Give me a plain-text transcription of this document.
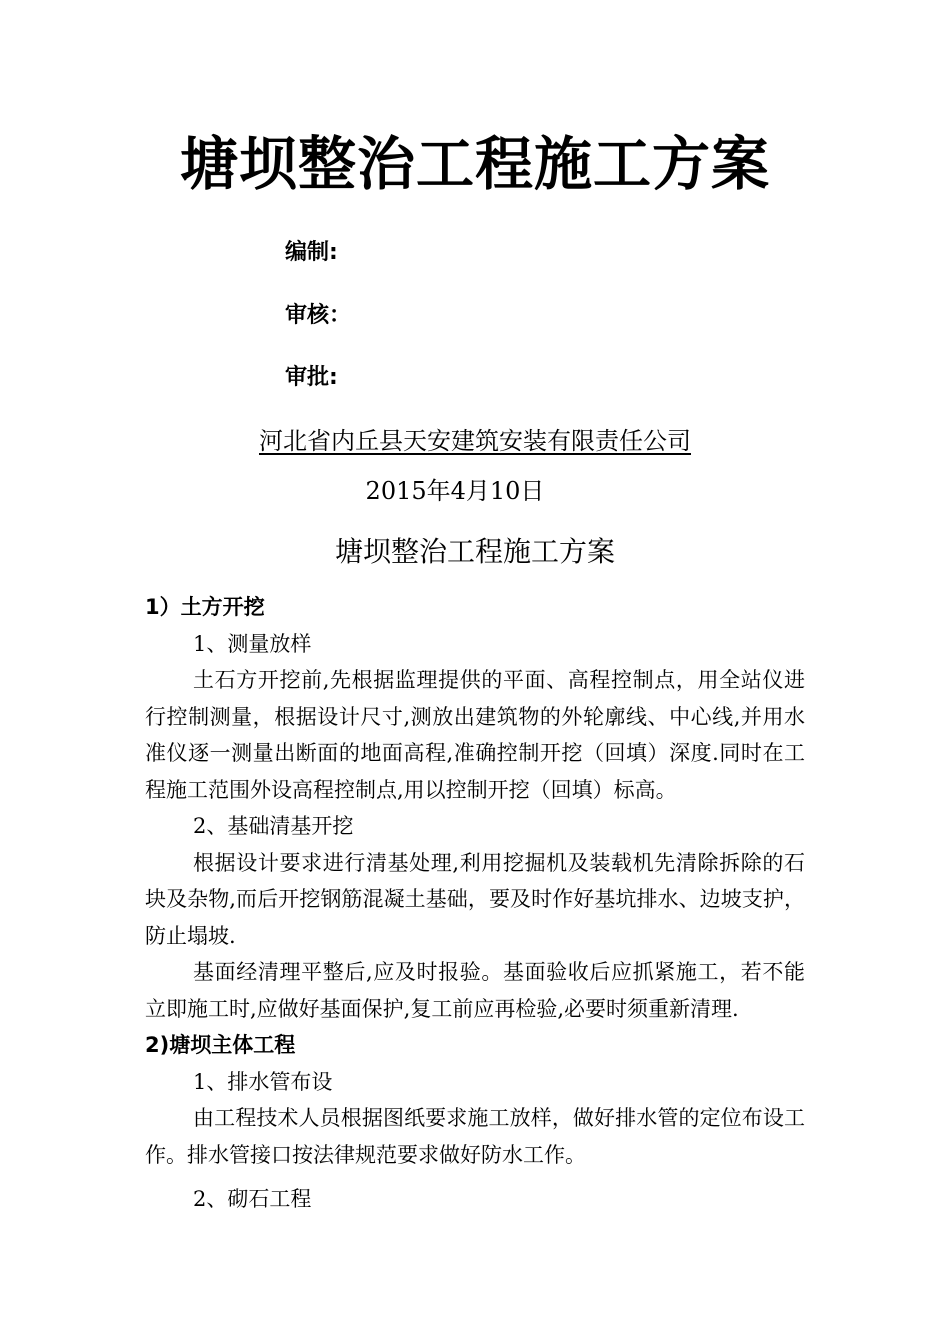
塘坝整治工程施工方案
编制:
审核：
审批:
河北省内丘县天安建筑安装有限责任公司
2015年4月10日
塘坝整治工程施工方案

1）土方开挖

1、测量放样

土石方开挖前,先根据监理提供的平面、高程控制点，用全站仪进行控制测量，根据设计尺寸,测放出建筑物的外轮廓线、中心线,并用水准仪逐一测量出断面的地面高程,准确控制开挖（回填）深度.同时在工程施工范围外设高程控制点,用以控制开挖（回填）标高。

2、基础清基开挖

根据设计要求进行清基处理,利用挖掘机及装载机先清除拆除的石块及杂物,而后开挖钢筋混凝土基础，要及时作好基坑排水、边坡支护，防止塌坡.

基面经清理平整后,应及时报验。基面验收后应抓紧施工，若不能立即施工时,应做好基面保护,复工前应再检验,必要时须重新清理.

2)塘坝主体工程

1、排水管布设

由工程技术人员根据图纸要求施工放样，做好排水管的定位布设工作。排水管接口按法律规范要求做好防水工作。

2、砌石工程
